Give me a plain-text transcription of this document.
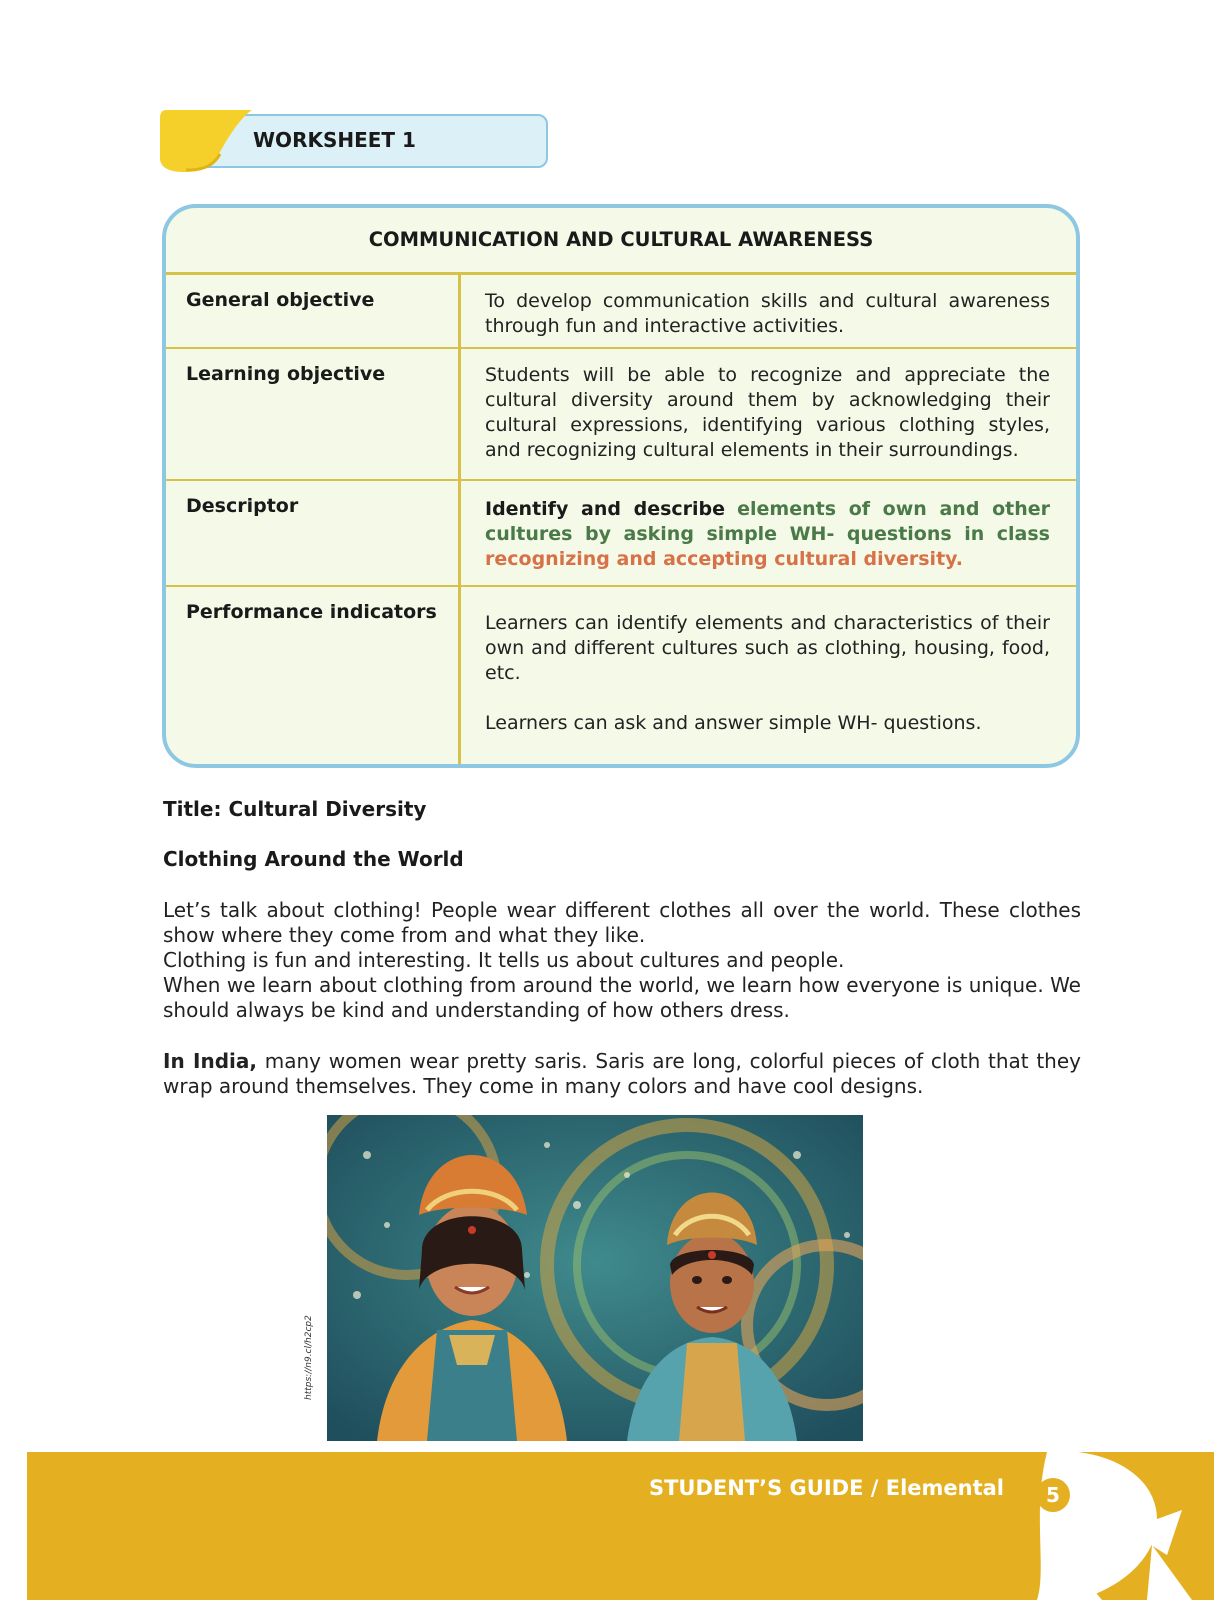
WORKSHEET 1
COMMUNICATION AND CULTURAL AWARENESS
General objective	To develop communication skills and cultural awareness through fun and interactive activities.
Learning objective	Students will be able to recognize and appreciate the cultural diversity around them by acknowledging their cultural expressions, identifying various clothing styles, and recognizing cultural elements in their surroundings.
Descriptor	Identify and describe elements of own and other cultures by asking simple WH- questions in class recognizing and accepting cultural diversity.
Performance indicators	Learners can identify elements and characteristics of their own and different cultures such as clothing, housing, food, etc.

Learners can ask and answer simple WH- questions.

Title: Cultural Diversity
Clothing Around the World

Let’s talk about clothing! People wear different clothes all over the world. These clothes show where they come from and what they like.

Clothing is fun and interesting. It tells us about cultures and people.

When we learn about clothing from around the world, we learn how everyone is unique. We should always be kind and understanding of how others dress.

In India, many women wear pretty saris. Saris are long, colorful pieces of cloth that they wrap around themselves. They come in many colors and have cool designs.

https://n9.cl/h2cp2
STUDENT’S GUIDE / Elemental	5
